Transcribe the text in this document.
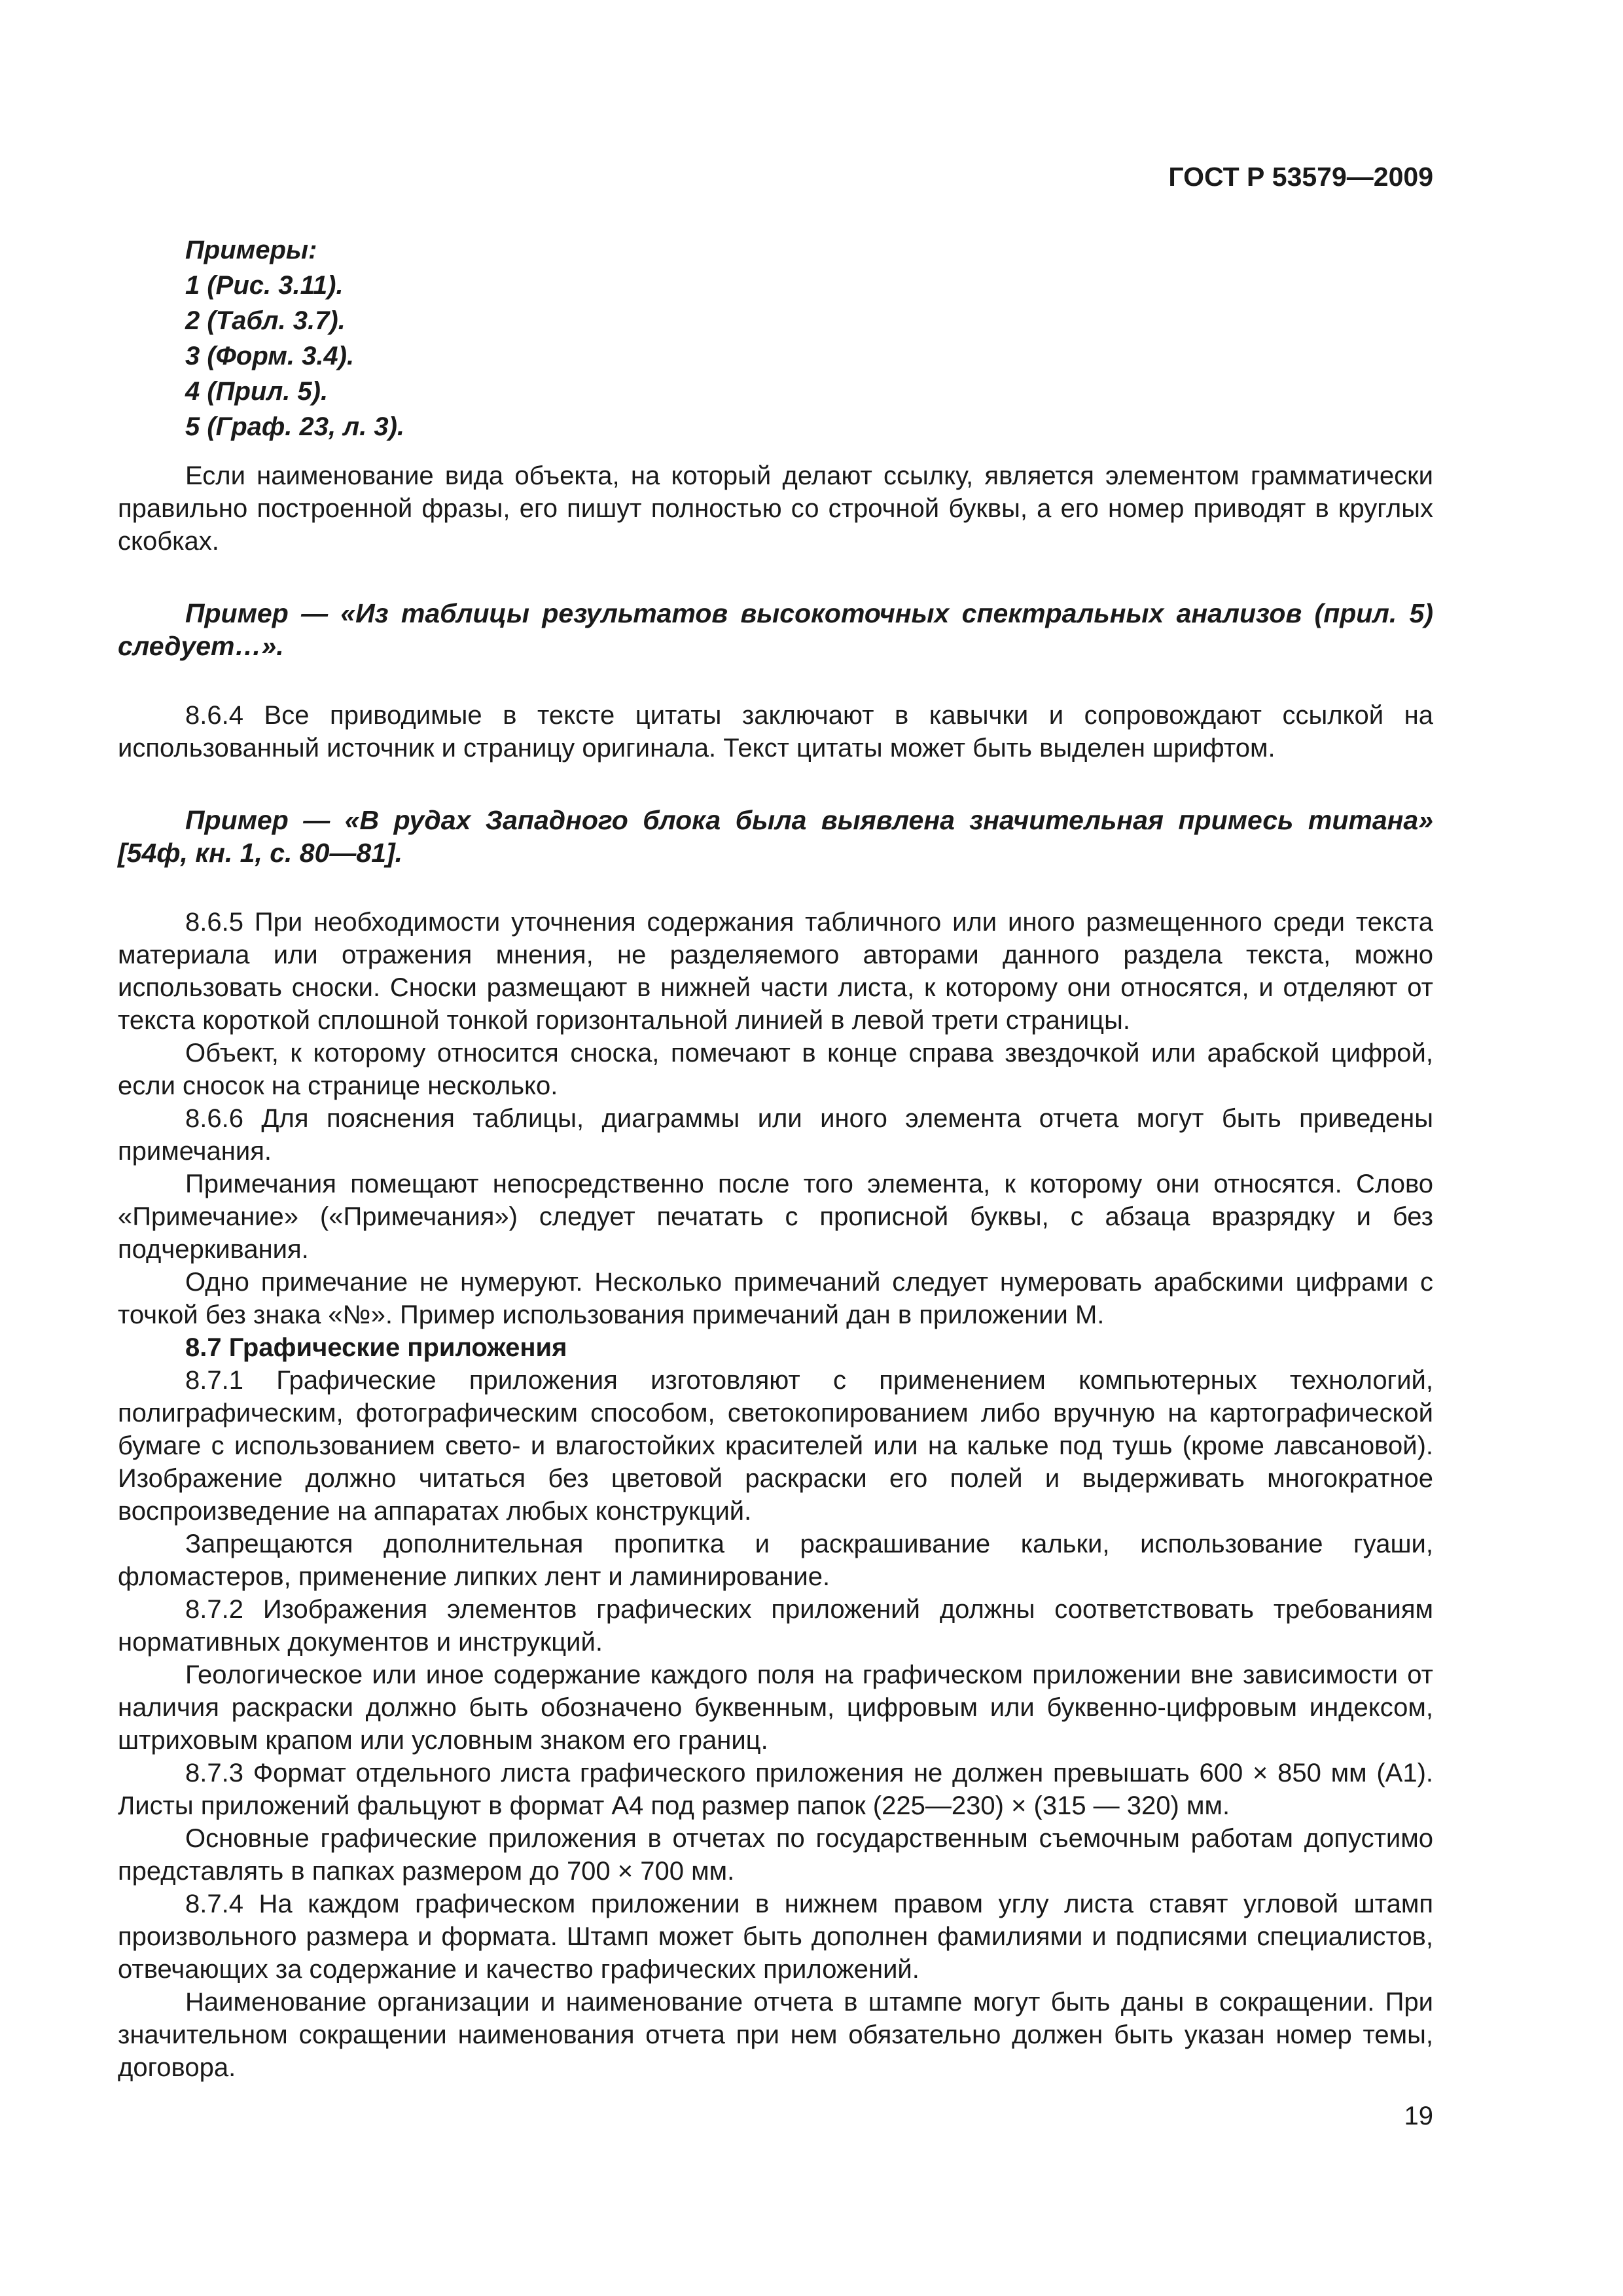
ГОСТ Р 53579—2009
Примеры:
1 (Рис. 3.11).
2 (Табл. 3.7).
3 (Форм. 3.4).
4 (Прил. 5).
5 (Граф. 23, л. 3).

Если наименование вида объекта, на который делают ссылку, является элементом грамматически правильно построенной фразы, его пишут полностью со строчной буквы, а его номер приводят в круглых скобках.

Пример — «Из таблицы результатов высокоточных спектральных анализов (прил. 5) следует…».

8.6.4 Все приводимые в тексте цитаты заключают в кавычки и сопровождают ссылкой на использованный источник и страницу оригинала. Текст цитаты может быть выделен шрифтом.

Пример — «В рудах Западного блока была выявлена значительная примесь титана» [54ф, кн. 1, с. 80—81].

8.6.5 При необходимости уточнения содержания табличного или иного размещенного среди текста материала или отражения мнения, не разделяемого авторами данного раздела текста, можно использовать сноски. Сноски размещают в нижней части листа, к которому они относятся, и отделяют от текста короткой сплошной тонкой горизонтальной линией в левой трети страницы.

Объект, к которому относится сноска, помечают в конце справа звездочкой или арабской цифрой, если сносок на странице несколько.

8.6.6 Для пояснения таблицы, диаграммы или иного элемента отчета могут быть приведены примечания.

Примечания помещают непосредственно после того элемента, к которому они относятся. Слово «Примечание» («Примечания») следует печатать с прописной буквы, с абзаца вразрядку и без подчеркивания.

Одно примечание не нумеруют. Несколько примечаний следует нумеровать арабскими цифрами с точкой без знака «№». Пример использования примечаний дан в приложении М.

8.7 Графические приложения

8.7.1 Графические приложения изготовляют с применением компьютерных технологий, полиграфическим, фотографическим способом, светокопированием либо вручную на картографической бумаге с использованием свето- и влагостойких красителей или на кальке под тушь (кроме лавсановой). Изображение должно читаться без цветовой раскраски его полей и выдерживать многократное воспроизведение на аппаратах любых конструкций.

Запрещаются дополнительная пропитка и раскрашивание кальки, использование гуаши, фломастеров, применение липких лент и ламинирование.

8.7.2 Изображения элементов графических приложений должны соответствовать требованиям нормативных документов и инструкций.

Геологическое или иное содержание каждого поля на графическом приложении вне зависимости от наличия раскраски должно быть обозначено буквенным, цифровым или буквенно-цифровым индексом, штриховым крапом или условным знаком его границ.

8.7.3 Формат отдельного листа графического приложения не должен превышать 600 × 850 мм (А1). Листы приложений фальцуют в формат А4 под размер папок (225—230) × (315 — 320) мм.

Основные графические приложения в отчетах по государственным съемочным работам допустимо представлять в папках размером до 700 × 700 мм.

8.7.4 На каждом графическом приложении в нижнем правом углу листа ставят угловой штамп произвольного размера и формата. Штамп может быть дополнен фамилиями и подписями специалистов, отвечающих за содержание и качество графических приложений.

Наименование организации и наименование отчета в штампе могут быть даны в сокращении. При значительном сокращении наименования отчета при нем обязательно должен быть указан номер темы, договора.

19
